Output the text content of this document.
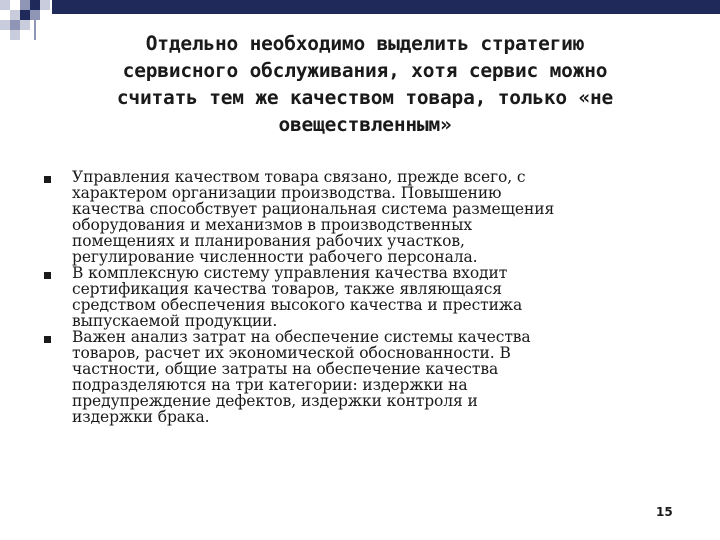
Отдельно необходимо выделить стратегию
сервисного обслуживания, хотя сервис можно
считать тем же качеством товара, только «не
овеществленным»
Управления качеством товара связано, прежде всего, с
характером организации производства. Повышению
качества способствует рациональная система размещения
оборудования и механизмов в производственных
помещениях и планирования рабочих участков,
регулирование численности рабочего персонала.
В комплексную систему управления качества входит
сертификация качества товаров, также являющаяся
средством обеспечения высокого качества и престижа
выпускаемой продукции.
Важен анализ затрат на обеспечение системы качества
товаров, расчет их экономической обоснованности. В
частности, общие затраты на обеспечение качества
подразделяются на три категории: издержки на
предупреждение дефектов, издержки контроля и
издержки брака.
15
